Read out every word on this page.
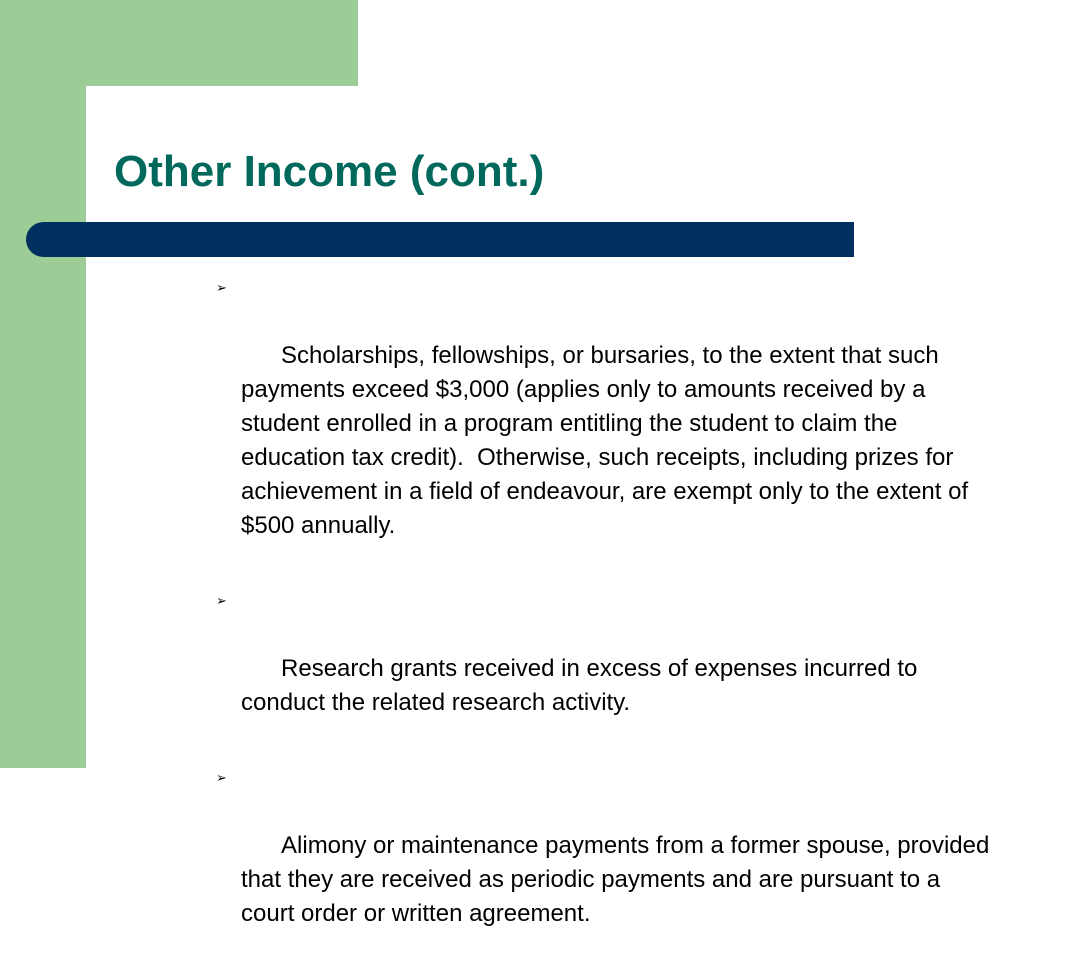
Other Income (cont.)

➢

Scholarships, fellowships, or bursaries, to the extent that such payments exceed $3,000 (applies only to amounts received by a student enrolled in a program entitling the student to claim the education tax credit).  Otherwise, such receipts, including prizes for achievement in a field of endeavour, are exempt only to the extent of $500 annually.

➢

Research grants received in excess of expenses incurred to conduct the related research activity.

➢

Alimony or maintenance payments from a former spouse, provided that they are received as periodic payments and are pursuant to a court order or written agreement.
